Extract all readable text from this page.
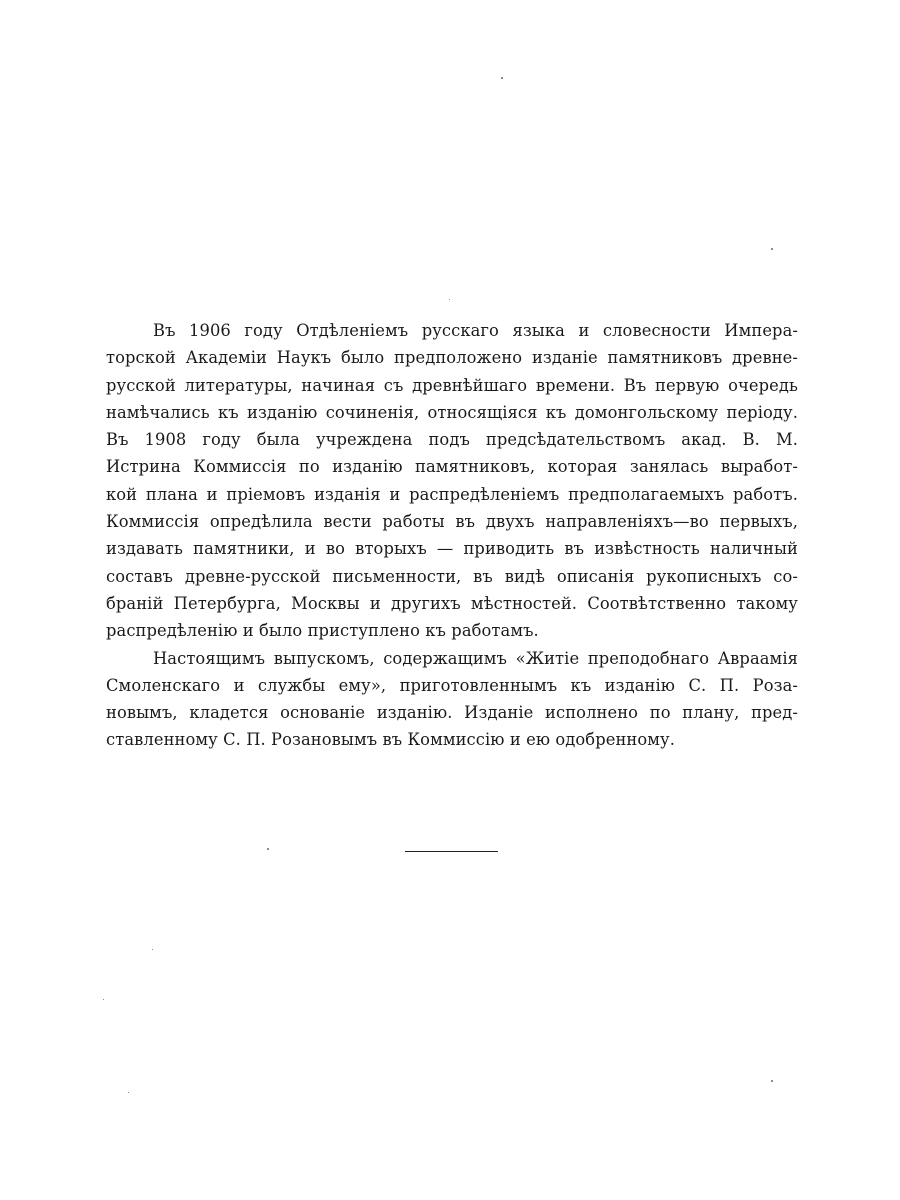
Въ 1906 году Отдѣленіемъ русскаго языка и словесности Импера-
торской Академіи Наукъ было предположено изданіе памятниковъ древне-
русской литературы, начиная съ древнѣйшаго времени. Въ первую очередь
намѣчались къ изданію сочиненія, относящіяся къ домонгольскому періоду.
Въ 1908 году была учреждена подъ предсѣдательствомъ акад. В. М.
Истрина Коммиссія по изданію памятниковъ, которая занялась выработ-
кой плана и пріемовъ изданія и распредѣленіемъ предполагаемыхъ работъ.
Коммиссія опредѣлила вести работы въ двухъ направленіяхъ—во первыхъ,
издавать памятники, и во вторыхъ — приводить въ извѣстность наличный
составъ древне-русской письменности, въ видѣ описанія рукописныхъ со-
браній Петербурга, Москвы и другихъ мѣстностей. Соотвѣтственно такому
распредѣленію и было приступлено къ работамъ.
Настоящимъ выпускомъ, содержащимъ «Житіе преподобнаго Авраамія
Смоленскаго и службы ему», приготовленнымъ къ изданію С. П. Роза-
новымъ, кладется основаніе изданію. Изданіе исполнено по плану, пред-
ставленному С. П. Розановымъ въ Коммиссію и ею одобренному.
